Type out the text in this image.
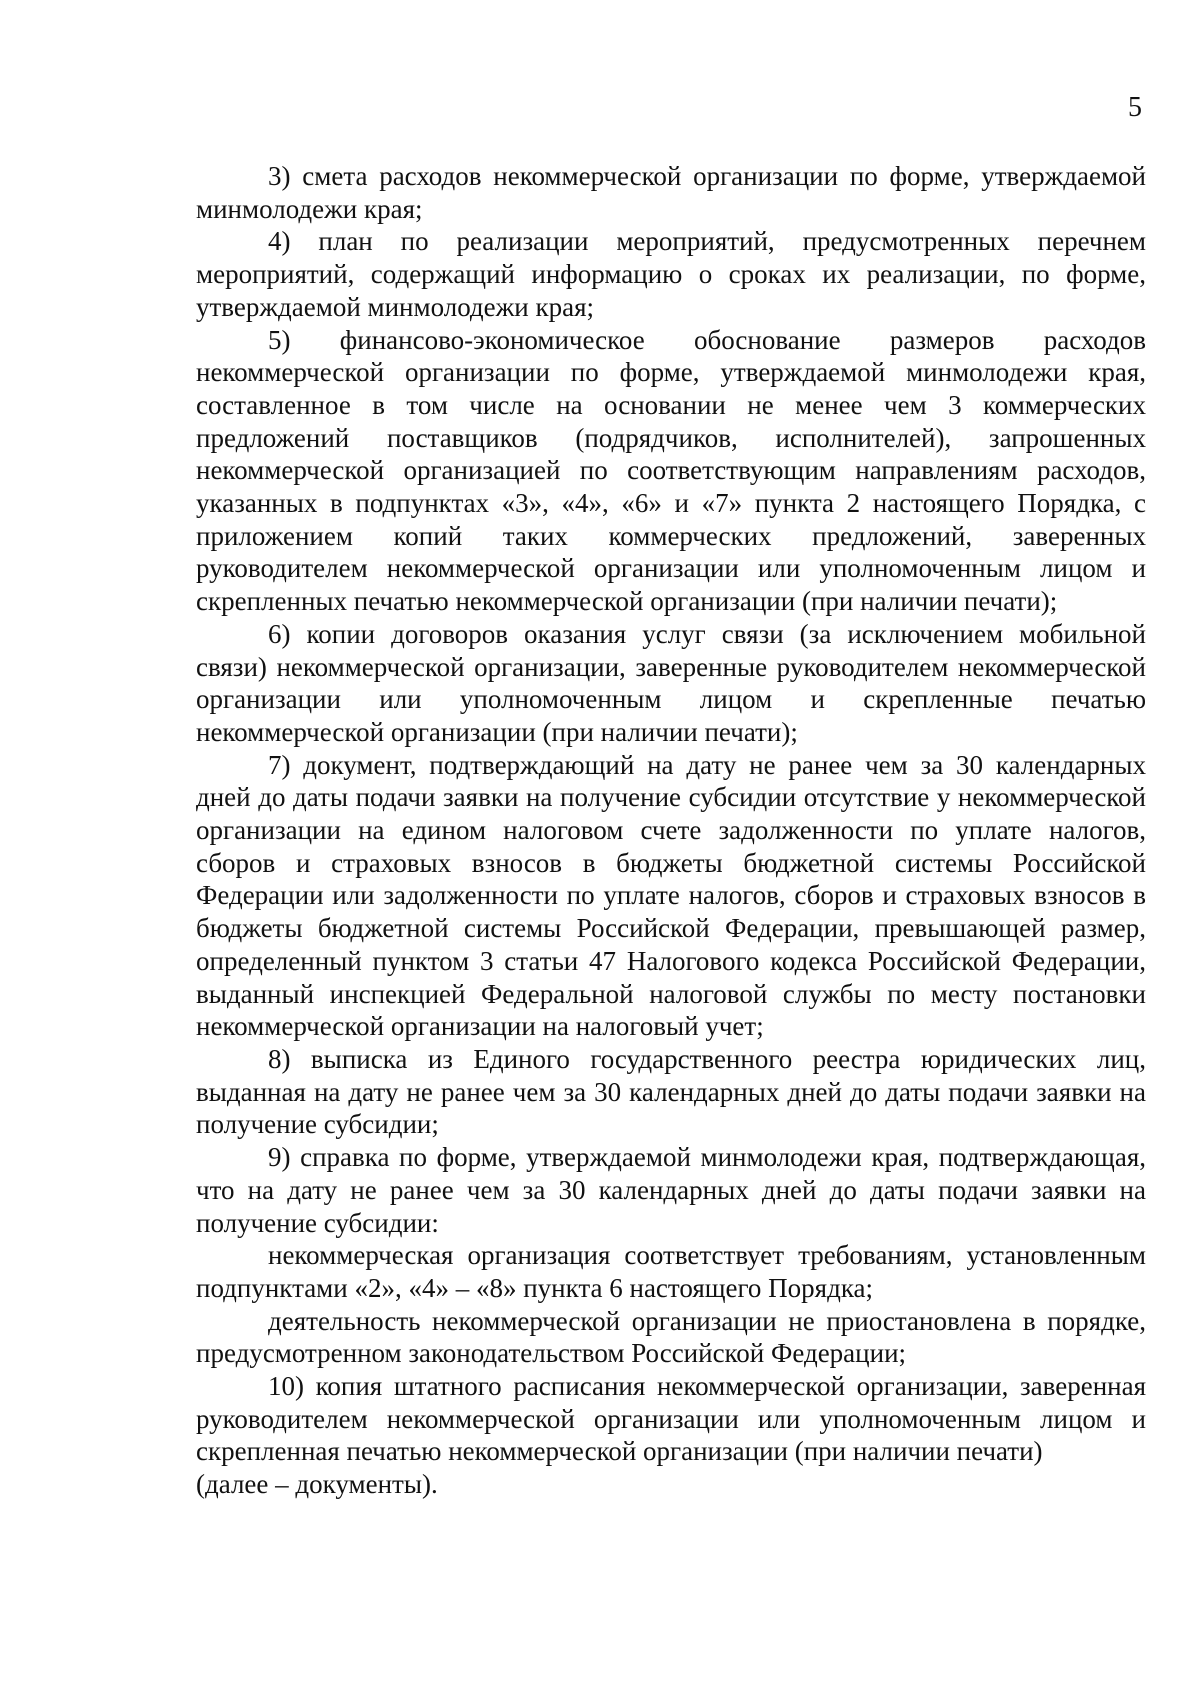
5

3) смета расходов некоммерческой организации по форме, утверждаемой минмолодежи края;

4) план по реализации мероприятий, предусмотренных перечнем мероприятий, содержащий информацию о сроках их реализации, по форме, утверждаемой минмолодежи края;

5) финансово-экономическое обоснование размеров расходов некоммерческой организации по форме, утверждаемой минмолодежи края, составленное в том числе на основании не менее чем 3 коммерческих предложений поставщиков (подрядчиков, исполнителей), запрошенных некоммерческой организацией по соответствующим направлениям расходов, указанных в подпунктах «3», «4», «6» и «7» пункта 2 настоящего Порядка, с приложением копий таких коммерческих предложений, заверенных руководителем некоммерческой организации или уполномоченным лицом и скрепленных печатью некоммерческой организации (при наличии печати);

6) копии договоров оказания услуг связи (за исключением мобильной связи) некоммерческой организации, заверенные руководителем некоммерческой организации или уполномоченным лицом и скрепленные печатью некоммерческой организации (при наличии печати);

7) документ, подтверждающий на дату не ранее чем за 30 календарных дней до даты подачи заявки на получение субсидии отсутствие у некоммерческой организации на едином налоговом счете задолженности по уплате налогов, сборов и страховых взносов в бюджеты бюджетной системы Российской Федерации или задолженности по уплате налогов, сборов и страховых взносов в бюджеты бюджетной системы Российской Федерации, превышающей размер, определенный пунктом 3 статьи 47 Налогового кодекса Российской Федерации, выданный инспекцией Федеральной налоговой службы по месту постановки некоммерческой организации на налоговый учет;

8) выписка из Единого государственного реестра юридических лиц, выданная на дату не ранее чем за 30 календарных дней до даты подачи заявки на получение субсидии;

9) справка по форме, утверждаемой минмолодежи края, подтверждающая, что на дату не ранее чем за 30 календарных дней до даты подачи заявки на получение субсидии:

некоммерческая организация соответствует требованиям, установленным подпунктами «2», «4» – «8» пункта 6 настоящего Порядка;

деятельность некоммерческой организации не приостановлена в порядке, предусмотренном законодательством Российской Федерации;

10) копия штатного расписания некоммерческой организации, заверенная руководителем некоммерческой организации или уполномоченным лицом и скрепленная печатью некоммерческой организации (при наличии печати)

(далее – документы).
